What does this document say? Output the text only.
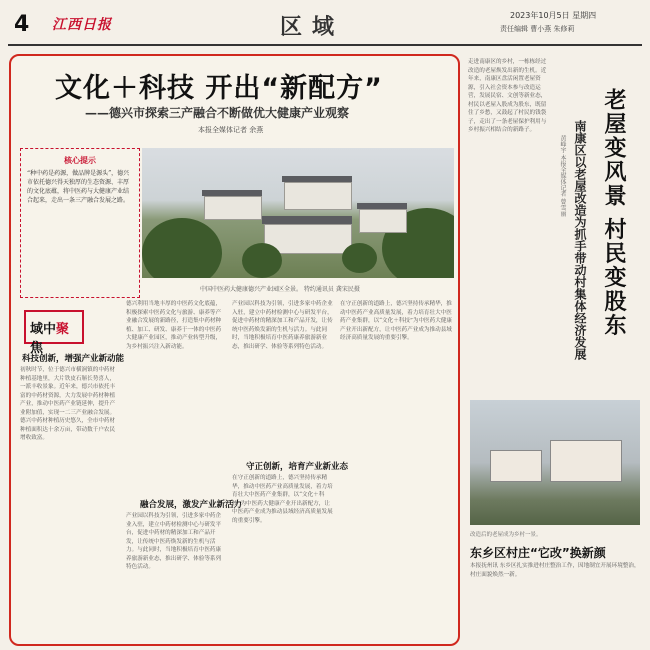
4 江西日报	区域	2023年10月5日 星期四
责任编辑 曹小燕 朱修莉
文化＋科技 开出“新配方”
——德兴市探索三产融合不断做优大健康产业观察
本报全媒体记者 余燕
核心提示

“种中药是药源，做品牌是源头”，德兴市依托德兴得天独厚的生态资源、丰厚的文化底蕴，将中医药与大健康产业结合起来，走出一条三产融合发展之路。

中国中医药大健康德兴产业园区全景。 特约通讯员 龚宋民摄
域中聚焦
科技创新，增强产业新动能
初秋时节，位于德兴市横涧镇的中药材种植基地里，大片铁皮石斛长势喜人，一派丰收景象。近年来，德兴市依托丰富的中药材资源，大力发展中药材种植产业，推动中医药产业链延伸，提升产业附加值，实现一二三产业融合发展。德兴中药材种植历史悠久，全市中药材种植面积达十余万亩，带动数千户农民增收致富。
德兴利用当地丰厚的中医药文化底蕴，积极探索中医药文化与旅游、康养等产业融合发展的新路径，打造集中药材种植、加工、研发、康养于一体的中医药大健康产业园区，推动产业转型升级，为乡村振兴注入新动能。
融合发展，激发产业新活力
产业园以科技为引领，引进多家中药企业入驻，建立中药材检测中心与研发平台，促进中药材的精深加工和产品开发，让传统中医药焕发新的生机与活力。与此同时，当地积极培育中医药康养旅游新业态，推出研学、体验等系列特色活动。
产业园以科技为引领，引进多家中药企业入驻，建立中药材检测中心与研发平台，促进中药材的精深加工和产品开发，让传统中医药焕发新的生机与活力。与此同时，当地积极培育中医药康养旅游新业态，推出研学、体验等系列特色活动。
守正创新，培育产业新业态
在守正创新的道路上，德兴坚持传承精华，推动中医药产业高质量发展，着力培育壮大中医药产业集群，以“文化＋科技”为中医药大健康产业开出新配方，让中医药产业成为推动县域经济高质量发展的重要引擎。
在守正创新的道路上，德兴坚持传承精华，推动中医药产业高质量发展，着力培育壮大中医药产业集群，以“文化＋科技”为中医药大健康产业开出新配方，让中医药产业成为推动县域经济高质量发展的重要引擎。
走进南康区的乡村，一栋栋经过改造的老屋焕发出新的生机。近年来，南康区盘活闲置老屋资源，引入社会资本参与改造运营，发展民宿、文创等新业态，村民以老屋入股成为股东，既留住了乡愁，又鼓起了村民的钱袋子，走出了一条老屋保护利用与乡村振兴相结合的新路子。	老屋变风景 村民变股东
南康区以老屋改造为抓手带动村集体经济发展
黄峰宇 本报全媒体记者 曾雪丽
改造后的老屋成为乡村一景。
东乡区村庄“它改”换新颜
本报抚州讯 东乡区扎实推进村庄整治工作，因地制宜开展环境整治，村庄面貌焕然一新。
